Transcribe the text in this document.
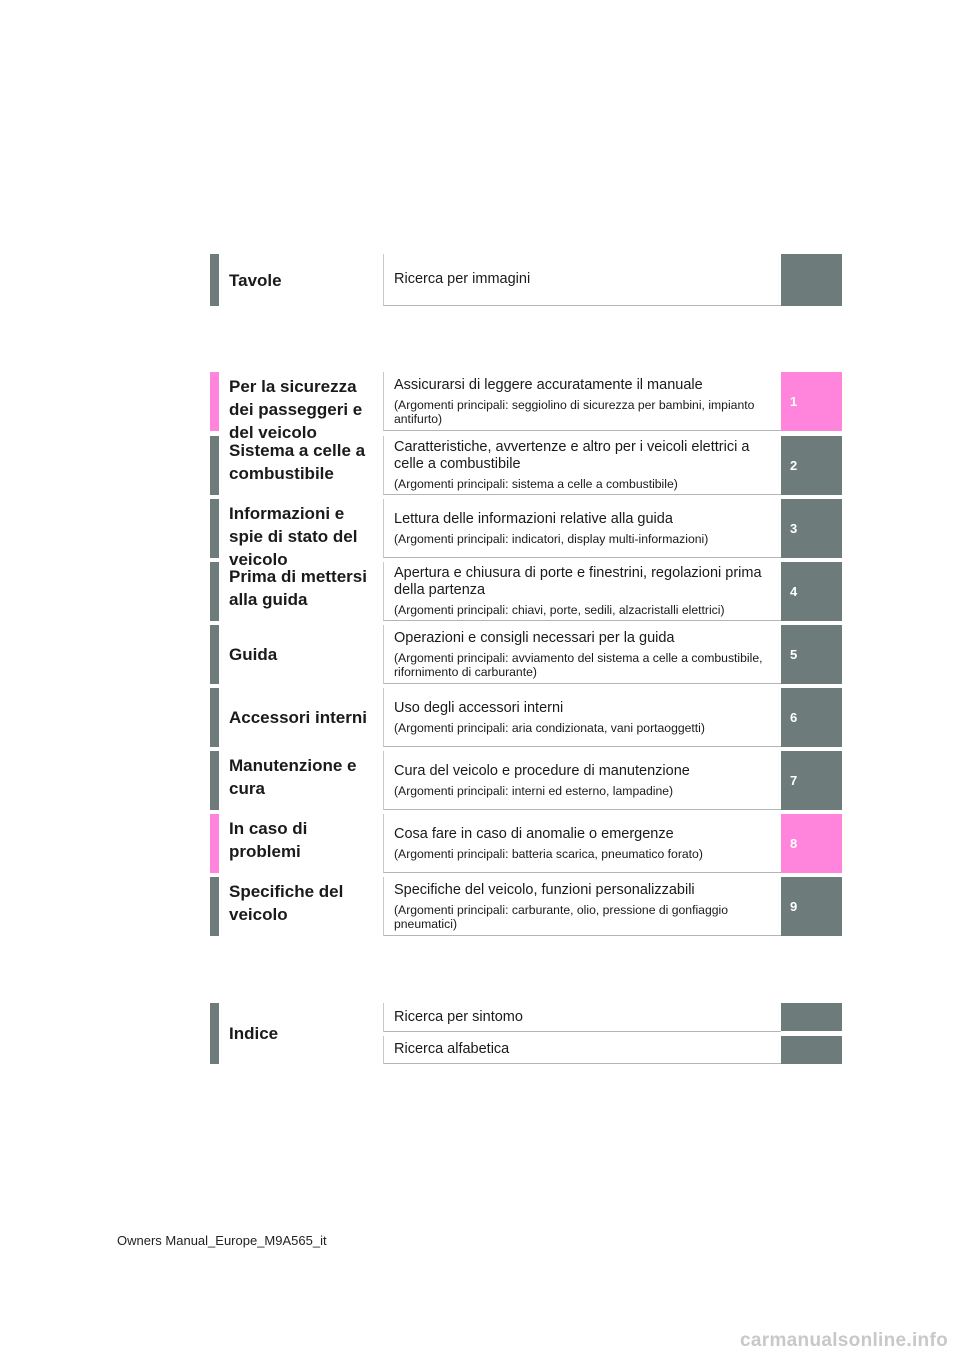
Tavole	Ricerca per immagini
Per la sicurezza dei passeggeri e del veicolo
Assicurarsi di leggere accuratamente il manuale
(Argomenti principali: seggiolino di sicurezza per bambini, impianto antifurto)
1
Sistema a celle a combustibile
Caratteristiche, avvertenze e altro per i veicoli elettrici a celle a combustibile
(Argomenti principali: sistema a celle a combustibile)
2
Informazioni e spie di stato del veicolo
Lettura delle informazioni relative alla guida
(Argomenti principali: indicatori, display multi-informazioni)
3
Prima di mettersi alla guida
Apertura e chiusura di porte e finestrini, regolazioni prima della partenza
(Argomenti principali: chiavi, porte, sedili, alzacristalli elettrici)
4
Guida
Operazioni e consigli necessari per la guida
(Argomenti principali: avviamento del sistema a celle a combustibile, rifornimento di carburante)
5
Accessori interni
Uso degli accessori interni
(Argomenti principali: aria condizionata, vani portaoggetti)
6
Manutenzione e cura
Cura del veicolo e procedure di manutenzione
(Argomenti principali: interni ed esterno, lampadine)
7
In caso di problemi
Cosa fare in caso di anomalie o emergenze
(Argomenti principali: batteria scarica, pneumatico forato)
8
Specifiche del veicolo
Specifiche del veicolo, funzioni personalizzabili
(Argomenti principali: carburante, olio, pressione di gonfiaggio pneumatici)
9
Indice
Ricerca per sintomo
Ricerca alfabetica
Owners Manual_Europe_M9A565_it
carmanualsonline.info
